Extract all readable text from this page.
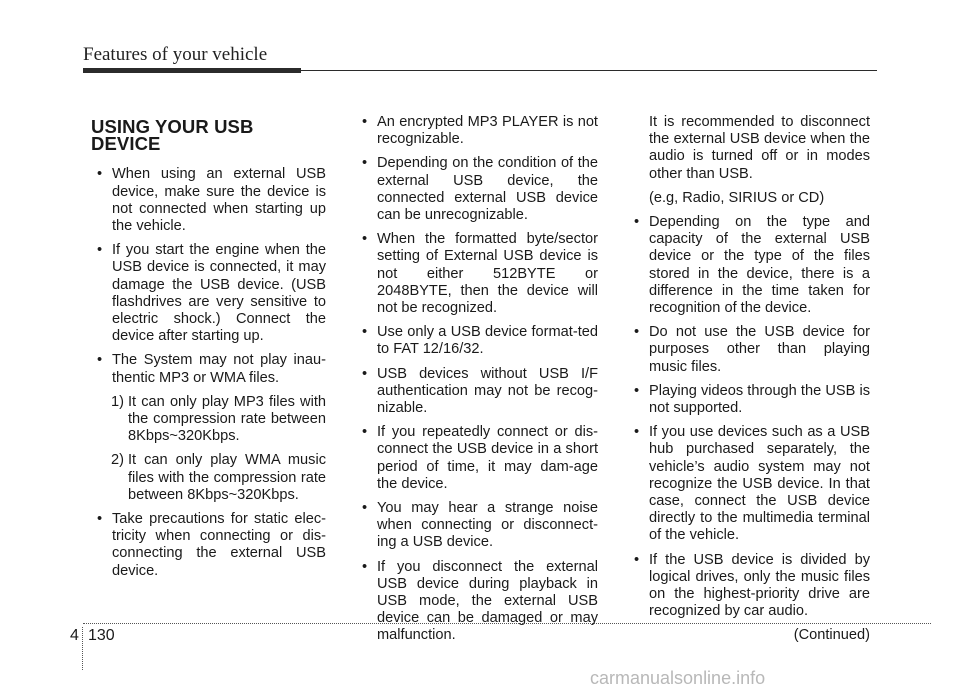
Features of your vehicle
USING YOUR USB DEVICE
• When using an external USB device, make sure the device is not connected when starting up the vehicle.
• If you start the engine when the USB device is connected, it may damage the USB device. (USB flashdrives are very sensitive to electric shock.) Connect the device after starting up.
• The System may not play inau-thentic MP3 or WMA files.
1) It can only play MP3 files with the compression rate between 8Kbps~320Kbps.
2) It can only play WMA music files with the compression rate between 8Kbps~320Kbps.
• Take precautions for static elec-tricity when connecting or dis-connecting the external USB device.
• An encrypted MP3 PLAYER is not recognizable.
• Depending on the condition of the external USB device, the connected external USB device can be unrecognizable.
• When the formatted byte/sector setting of External USB device is not either 512BYTE or 2048BYTE, then the device will not be recognized.
• Use only a USB device format-ted to FAT 12/16/32.
• USB devices without USB I/F authentication may not be recog-nizable.
• If you repeatedly connect or dis-connect the USB device in a short period of time, it may dam-age the device.
• You may hear a strange noise when connecting or disconnect-ing a USB device.
• If you disconnect the external USB device during playback in USB mode, the external USB device can be damaged or may malfunction.
It is recommended to disconnect the external USB device when the audio is turned off or in modes other than USB.
(e.g, Radio, SIRIUS or CD)
• Depending on the type and capacity of the external USB device or the type of the files stored in the device, there is a difference in the time taken for recognition of the device.
• Do not use the USB device for purposes other than playing music files.
• Playing videos through the USB is not supported.
• If you use devices such as a USB hub purchased separately, the vehicle’s audio system may not recognize the USB device. In that case, connect the USB device directly to the multimedia terminal of the vehicle.
• If the USB device is divided by logical drives, only the music files on the highest-priority drive are recognized by car audio.
(Continued)
4 130
carmanualsonline.info
